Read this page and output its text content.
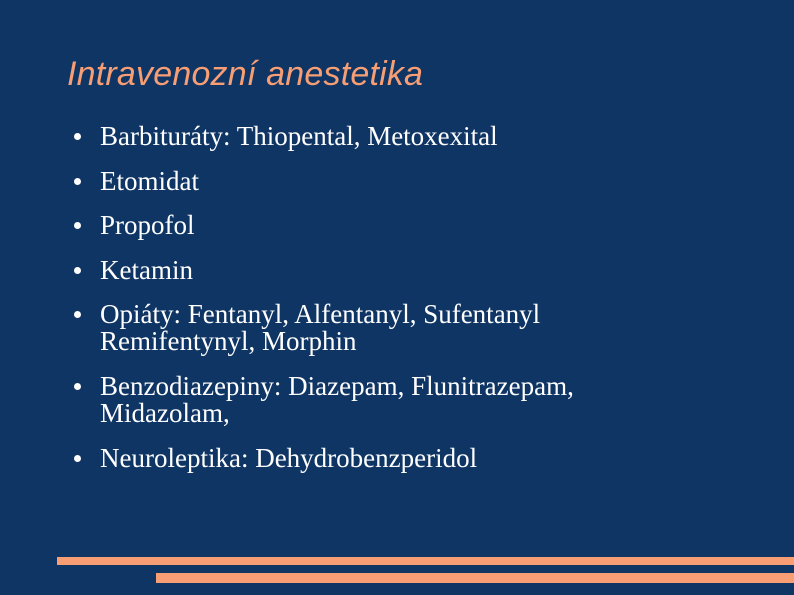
Intravenozní anestetika
Barbituráty: Thiopental, Metoxexital
Etomidat
Propofol
Ketamin
Opiáty: Fentanyl, Alfentanyl, Sufentanyl
Remifentynyl, Morphin
Benzodiazepiny: Diazepam, Flunitrazepam,
Midazolam,
Neuroleptika: Dehydrobenzperidol
